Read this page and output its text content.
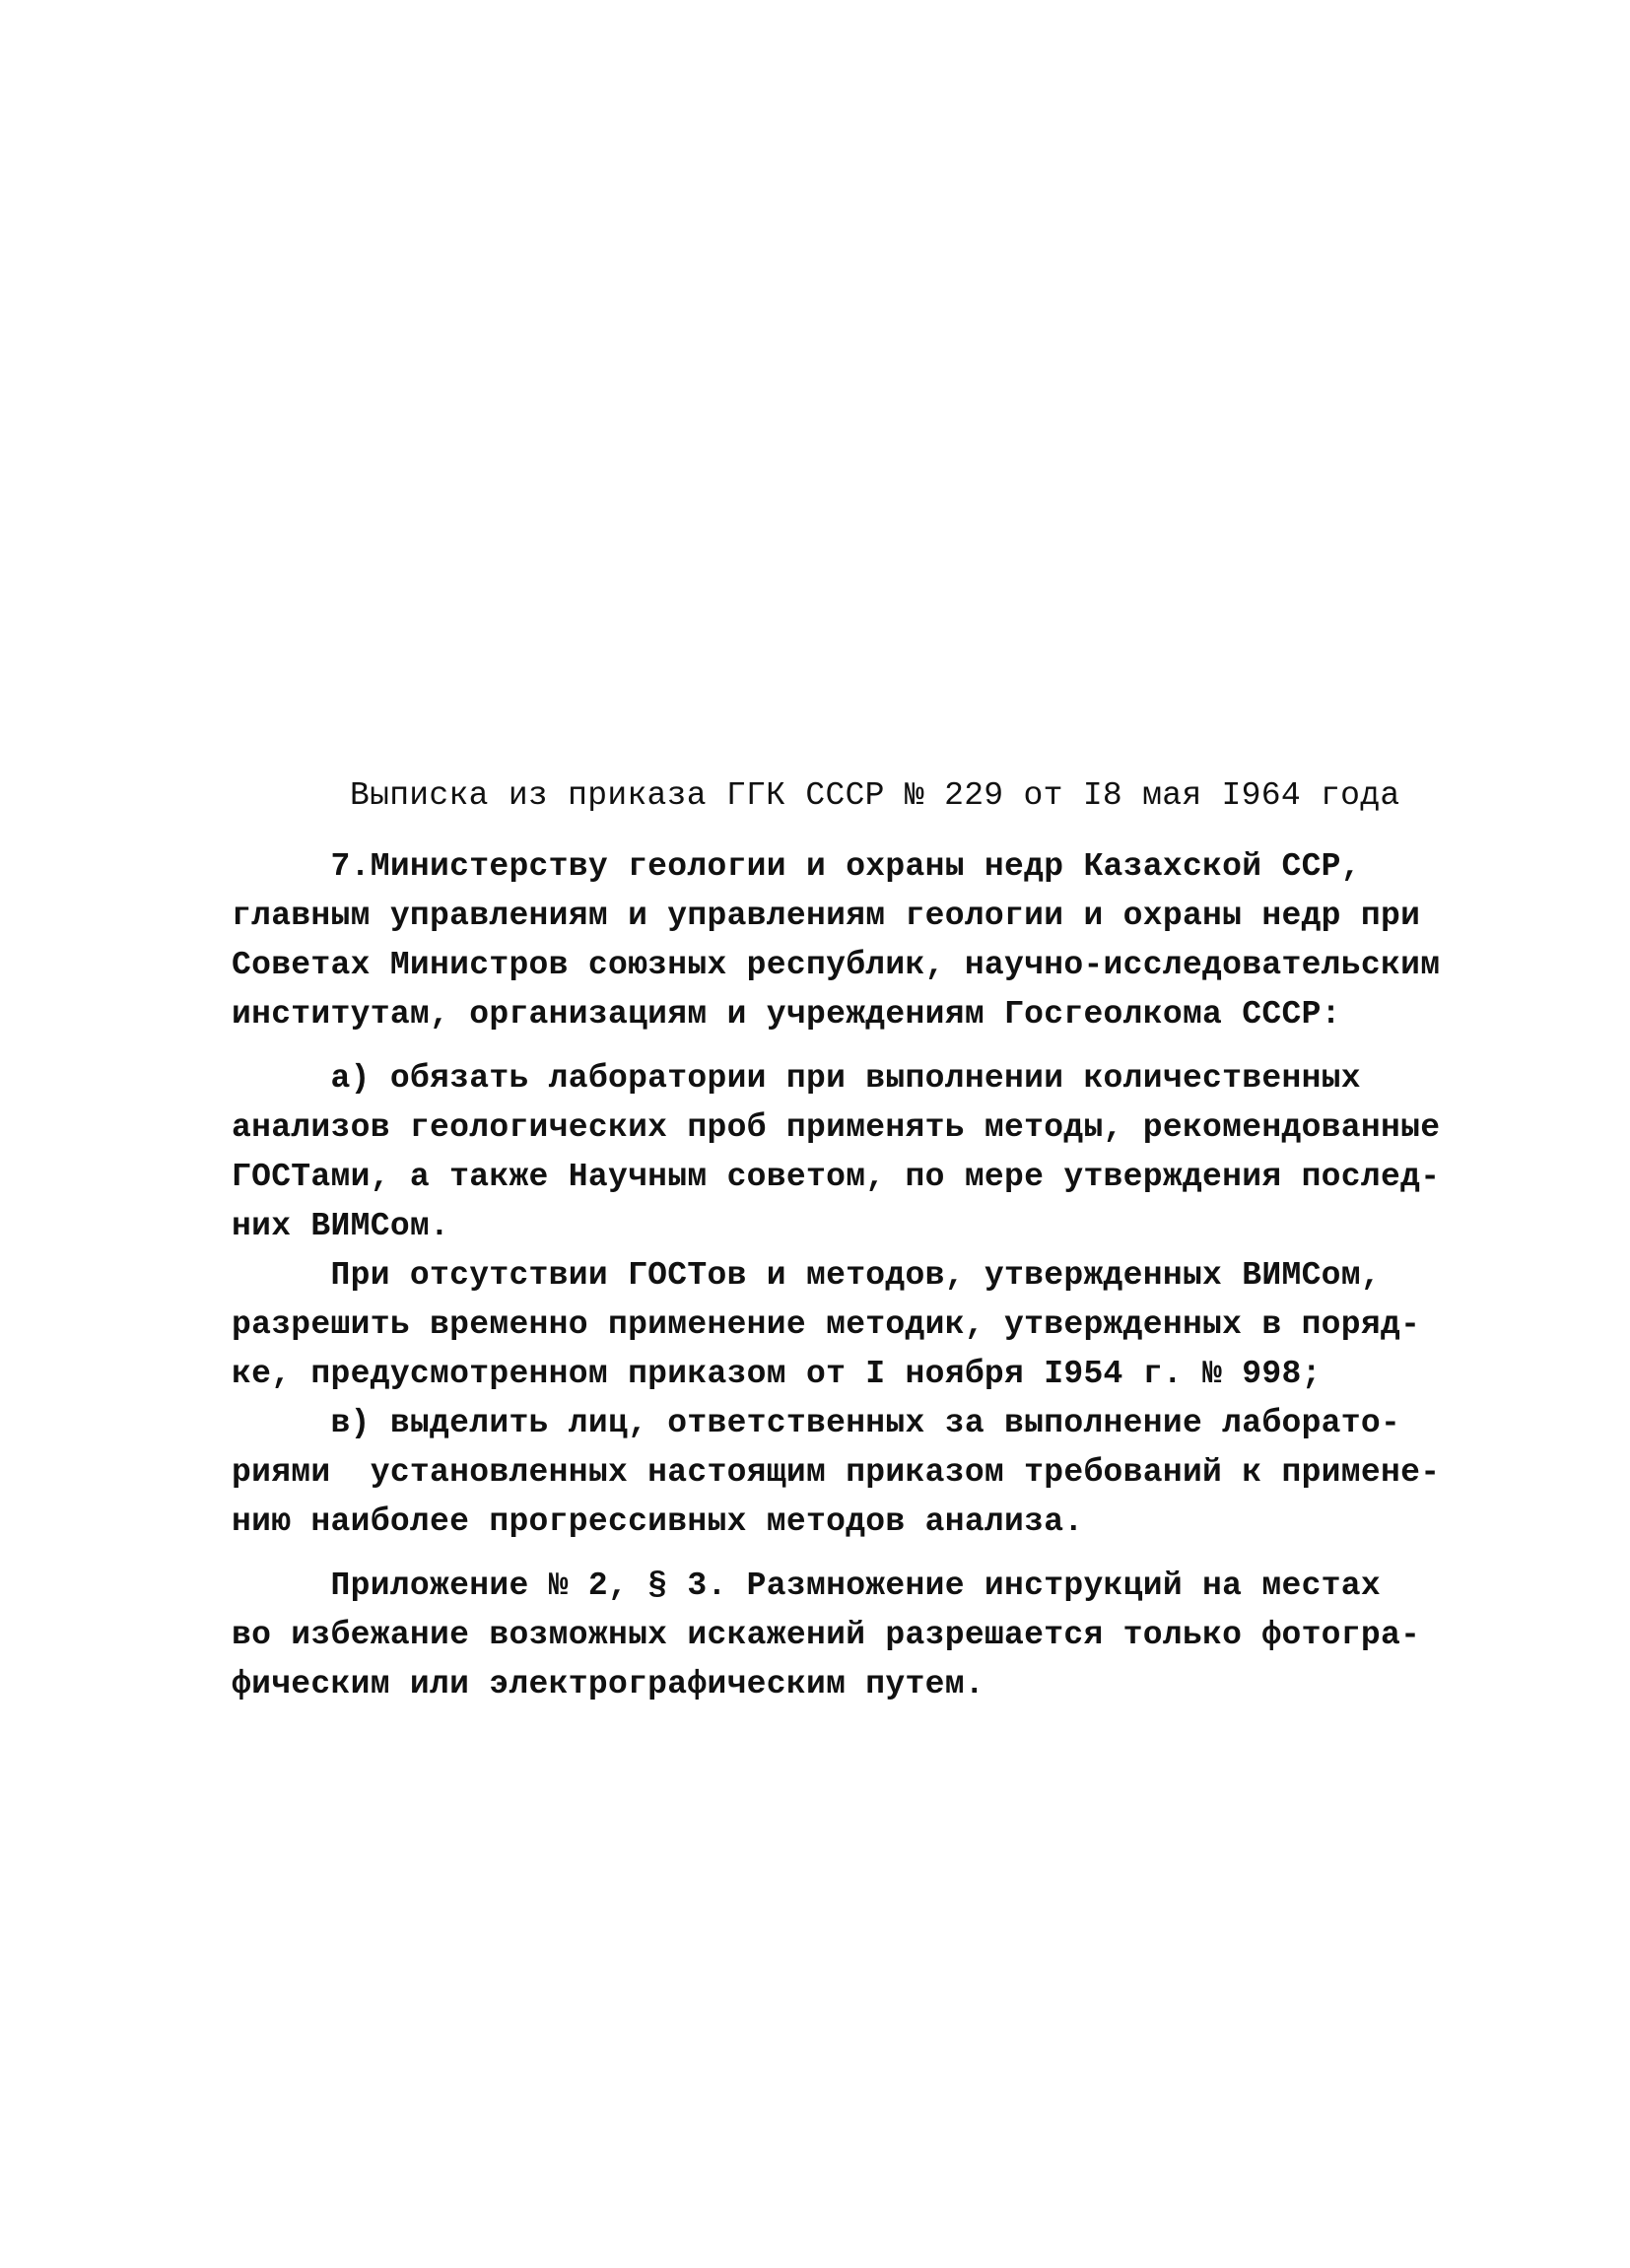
Выписка из приказа ГГК СССР № 229 от I8 мая I964 года
7.Министерству геологии и охраны недр Казахской ССР,
главным управлениям и управлениям геологии и охраны недр при
Советах Министров союзных республик, научно-исследовательским
институтам, организациям и учреждениям Госгеолкома СССР:
а) обязать лаборатории при выполнении количественных
анализов геологических проб применять методы, рекомендованные
ГОСТами, а также Научным советом, по мере утверждения послед-
них ВИМСом.
При отсутствии ГОСТов и методов, утвержденных ВИМСом,
разрешить временно применение методик, утвержденных в поряд-
ке, предусмотренном приказом от I ноября I954 г. № 998;
в) выделить лиц, ответственных за выполнение лаборато-
риями  установленных настоящим приказом требований к примене-
нию наиболее прогрессивных методов анализа.
Приложение № 2, § 3. Размножение инструкций на местах
во избежание возможных искажений разрешается только фотогра-
фическим или электрографическим путем.
